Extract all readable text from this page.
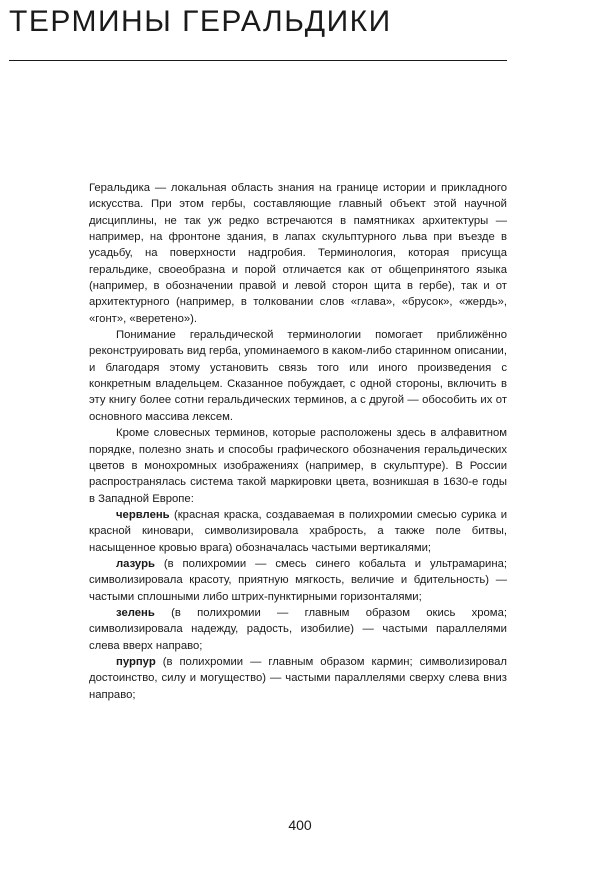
ТЕРМИНЫ ГЕРАЛЬДИКИ

Геральдика — локальная область знания на границе истории и прикладного искусства. При этом гербы, составляющие главный объект этой научной дисциплины, не так уж редко встречаются в памятниках архитектуры — например, на фронтоне здания, в лапах скульптурного льва при въезде в усадьбу, на поверхности надгробия. Терминология, которая присуща геральдике, своеобразна и порой отличается как от общепринятого языка (например, в обозначении правой и левой сторон щита в гербе), так и от архитектурного (например, в толковании слов «глава», «брусок», «жердь», «гонт», «веретено»).

Понимание геральдической терминологии помогает приближённо реконструировать вид герба, упоминаемого в каком-либо старинном описании, и благодаря этому установить связь того или иного произведения с конкретным владельцем. Сказанное побуждает, с одной стороны, включить в эту книгу более сотни геральдических терминов, а с другой — обособить их от основного массива лексем.

Кроме словесных терминов, которые расположены здесь в алфавитном порядке, полезно знать и способы графического обозначения геральдических цветов в монохромных изображениях (например, в скульптуре). В России распространялась система такой маркировки цвета, возникшая в 1630-е годы в Западной Европе:

червлень (красная краска, создаваемая в полихромии смесью сурика и красной киновари, символизировала храбрость, а также поле битвы, насыщенное кровью врага) обозначалась частыми вертикалями;

лазурь (в полихромии — смесь синего кобальта и ультрамарина; символизировала красоту, приятную мягкость, величие и бдительность) — частыми сплошными либо штрих-пунктирными горизонталями;

зелень (в полихромии — главным образом окись хрома; символизировала надежду, радость, изобилие) — частыми параллелями слева вверх направо;

пурпур (в полихромии — главным образом кармин; символизировал достоинство, силу и могущество) — частыми параллелями сверху слева вниз направо;

400
